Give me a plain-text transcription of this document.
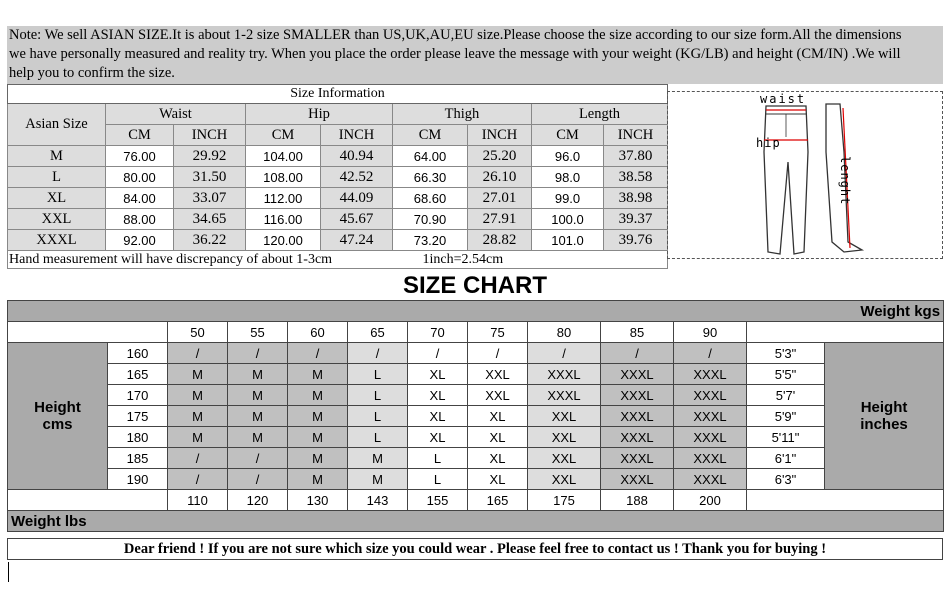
Note: We sell ASIAN SIZE.It is about 1-2 size SMALLER than US,UK,AU,EU size.Please choose the size according to our size form.All the dimensions
we have personally measured and reality try. When you place the order please leave the message with your weight (KG/LB) and height (CM/IN) .We will
help you to confirm the size.
Size Information								
Asian Size	Waist		Hip		Thigh		Length	
	CM	INCH	CM	INCH	CM	INCH	CM	INCH
M	76.00	29.92	104.00	40.94	64.00	25.20	96.0	37.80
L	80.00	31.50	108.00	42.52	66.30	26.10	98.0	38.58
XL	84.00	33.07	112.00	44.09	68.60	27.01	99.0	38.98
XXL	88.00	34.65	116.00	45.67	70.90	27.91	100.0	39.37
XXXL	92.00	36.22	120.00	47.24	73.20	28.82	101.0	39.76
Hand measurement will have discrepancy of about 1-3cm					1inch=2.54cm			
waist
hip
lenght
SIZE CHART
Weight kgs												
		50	55	60	65	70	75	80	85	90		
Height
cms	160	/	/	/	/	/	/	/	/	/	5'3"	Height
inches
	165	M	M	M	L	XL	XXL	XXXL	XXXL	XXXL	5'5"	
	170	M	M	M	L	XL	XXL	XXXL	XXXL	XXXL	5'7'	
	175	M	M	M	L	XL	XL	XXL	XXXL	XXXL	5'9"	
	180	M	M	M	L	XL	XL	XXL	XXXL	XXXL	5'11"	
	185	/	/	M	M	L	XL	XXL	XXXL	XXXL	6'1"	
	190	/	/	M	M	L	XL	XXL	XXXL	XXXL	6'3"	
		110	120	130	143	155	165	175	188	200		
Weight lbs												
Dear friend ! If you are not sure which size you could wear . Please feel free to contact us ! Thank you for buying !
